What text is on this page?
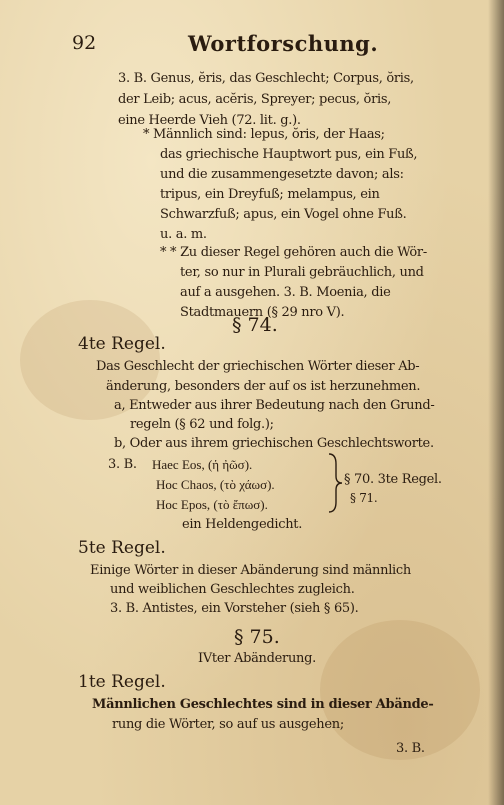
92	Wortforschung.
3. B. Genus, ĕris, das Geschlecht; Corpus, ŏris,
der Leib; acus, acĕris, Spreyer; pecus, ŏris,
eine Heerde Vieh (72. lit. g.).
* Männlich sind: lepus, ŏris, der Haas;
das griechische Hauptwort pus, ein Fuß,
und die zusammengesetzte davon; als:
tripus, ein Dreyfuß; melampus, ein
Schwarzfuß; apus, ein Vogel ohne Fuß.
u. a. m.
* * Zu dieser Regel gehören auch die Wör-
ter, so nur in Plurali gebräuchlich, und
auf a ausgehen. 3. B. Moenia, die
Stadtmauern (§ 29 nro V).
§ 74.
4te Regel.
Das Geschlecht der griechischen Wörter dieser Ab-
änderung, besonders der auf os ist herzunehmen.
a, Entweder aus ihrer Bedeutung nach den Grund-
regeln (§ 62 und folg.);
b, Oder aus ihrem griechischen Geschlechtsworte.
3. B. Haec Eos, (ἡ ἠῶσ).
Hoc Chaos, (τὸ χάωσ).
Hoc Epos, (τὸ ἔπωσ).
§ 70. 3te Regel.
§ 71.
ein Heldengedicht.
5te Regel.
Einige Wörter in dieser Abänderung sind männlich
und weiblichen Geschlechtes zugleich.
3. B. Antistes, ein Vorsteher (sieh § 65).
§ 75.
IVter Abänderung.
1te Regel.
Männlichen Geschlechtes sind in dieser Abände-
rung die Wörter, so auf us ausgehen;
3. B.
